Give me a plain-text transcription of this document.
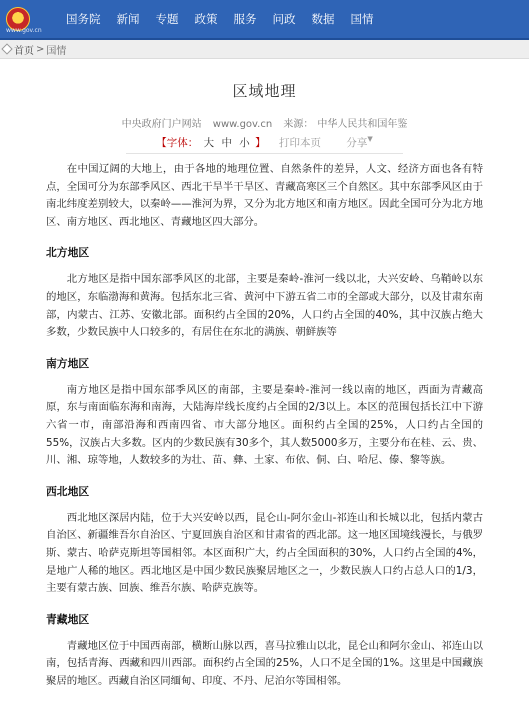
www.gov.cn
国务院	新闻	专题	政策	服务	问政	数据	国情
首页 > 国情
区域地理
中央政府门户网站 www.gov.cn 来源： 中华人民共和国年鉴
【字体： 大 中 小 】 打印本页 分享▼

在中国辽阔的大地上，由于各地的地理位置、自然条件的差异，人文、经济方面也各有特点，全国可分为东部季风区、西北干旱半干旱区、青藏高寒区三个自然区。其中东部季风区由于南北纬度差别较大，以秦岭——淮河为界，又分为北方地区和南方地区。因此全国可分为北方地区、南方地区、西北地区、青藏地区四大部分。

北方地区

北方地区是指中国东部季风区的北部，主要是秦岭-淮河一线以北，大兴安岭、乌鞘岭以东的地区，东临渤海和黄海。包括东北三省、黄河中下游五省二市的全部或大部分，以及甘肃东南部，内蒙古、江苏、安徽北部。面积约占全国的20%，人口约占全国的40%，其中汉族占绝大多数，少数民族中人口较多的，有居住在东北的满族、朝鲜族等

南方地区

南方地区是指中国东部季风区的南部，主要是秦岭-淮河一线以南的地区，西面为青藏高原，东与南面临东海和南海，大陆海岸线长度约占全国的2/3以上。本区的范围包括长江中下游六省一市，南部沿海和西南四省、市大部分地区。面积约占全国的25%，人口约占全国的55%，汉族占大多数。区内的少数民族有30多个，其人数5000多万，主要分布在桂、云、贵、川、湘、琼等地，人数较多的为壮、苗、彝、土家、布依、侗、白、哈尼、傣、黎等族。

西北地区

西北地区深居内陆，位于大兴安岭以西，昆仑山-阿尔金山-祁连山和长城以北，包括内蒙古自治区、新疆维吾尔自治区、宁夏回族自治区和甘肃省的西北部。这一地区国境线漫长，与俄罗斯、蒙古、哈萨克斯坦等国相邻。本区面积广大，约占全国面积的30%，人口约占全国的4%，是地广人稀的地区。西北地区是中国少数民族聚居地区之一，少数民族人口约占总人口的1/3，主要有蒙古族、回族、维吾尔族、哈萨克族等。

青藏地区

青藏地区位于中国西南部，横断山脉以西，喜马拉雅山以北，昆仑山和阿尔金山、祁连山以南，包括青海、西藏和四川西部。面积约占全国的25%，人口不足全国的1%。这里是中国藏族聚居的地区。西藏自治区同缅甸、印度、不丹、尼泊尔等国相邻。
